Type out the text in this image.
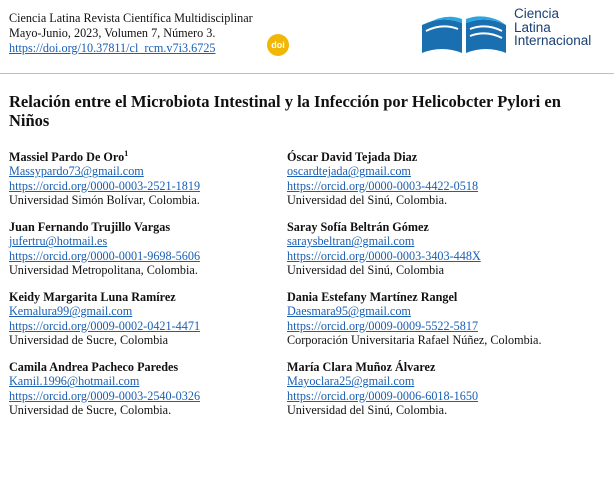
Ciencia Latina Revista Científica Multidisciplinar
Mayo-Junio, 2023, Volumen 7, Número 3.
https://doi.org/10.37811/cl_rcm.v7i3.6725	doi
Ciencia
Latina
Internacional
Relación entre el Microbiota Intestinal y la Infección por Helicobcter Pylori en Niños
Massiel Pardo De Oro$^1$
Massypardo73@gmail.com
https://orcid.org/0000-0003-2521-1819
Universidad Simón Bolívar, Colombia.
Juan Fernando Trujillo Vargas
jufertru@hotmail.es
https://orcid.org/0000-0001-9698-5606
Universidad Metropolitana, Colombia.
Keidy Margarita Luna Ramírez
Kemalura99@gmail.com
https://orcid.org/0009-0002-0421-4471
Universidad de Sucre, Colombia
Camila Andrea Pacheco Paredes
Kamil.1996@hotmail.com
https://orcid.org/0009-0003-2540-0326
Universidad de Sucre, Colombia.
Óscar David Tejada Diaz
oscardtejada@gmail.com
https://orcid.org/0000-0003-4422-0518
Universidad del Sinú, Colombia.
Saray Sofía Beltrán Gómez
saraysbeltran@gmail.com
https://orcid.org/0000-0003-3403-448X
Universidad del Sinú, Colombia
Dania Estefany Martínez Rangel
Daesmara95@gmail.com
https://orcid.org/0009-0009-5522-5817
Corporación Universitaria Rafael Núñez, Colombia.
María Clara Muñoz Álvarez
Mayoclara25@gmail.com
https://orcid.org/0009-0006-6018-1650
Universidad del Sinú, Colombia.
